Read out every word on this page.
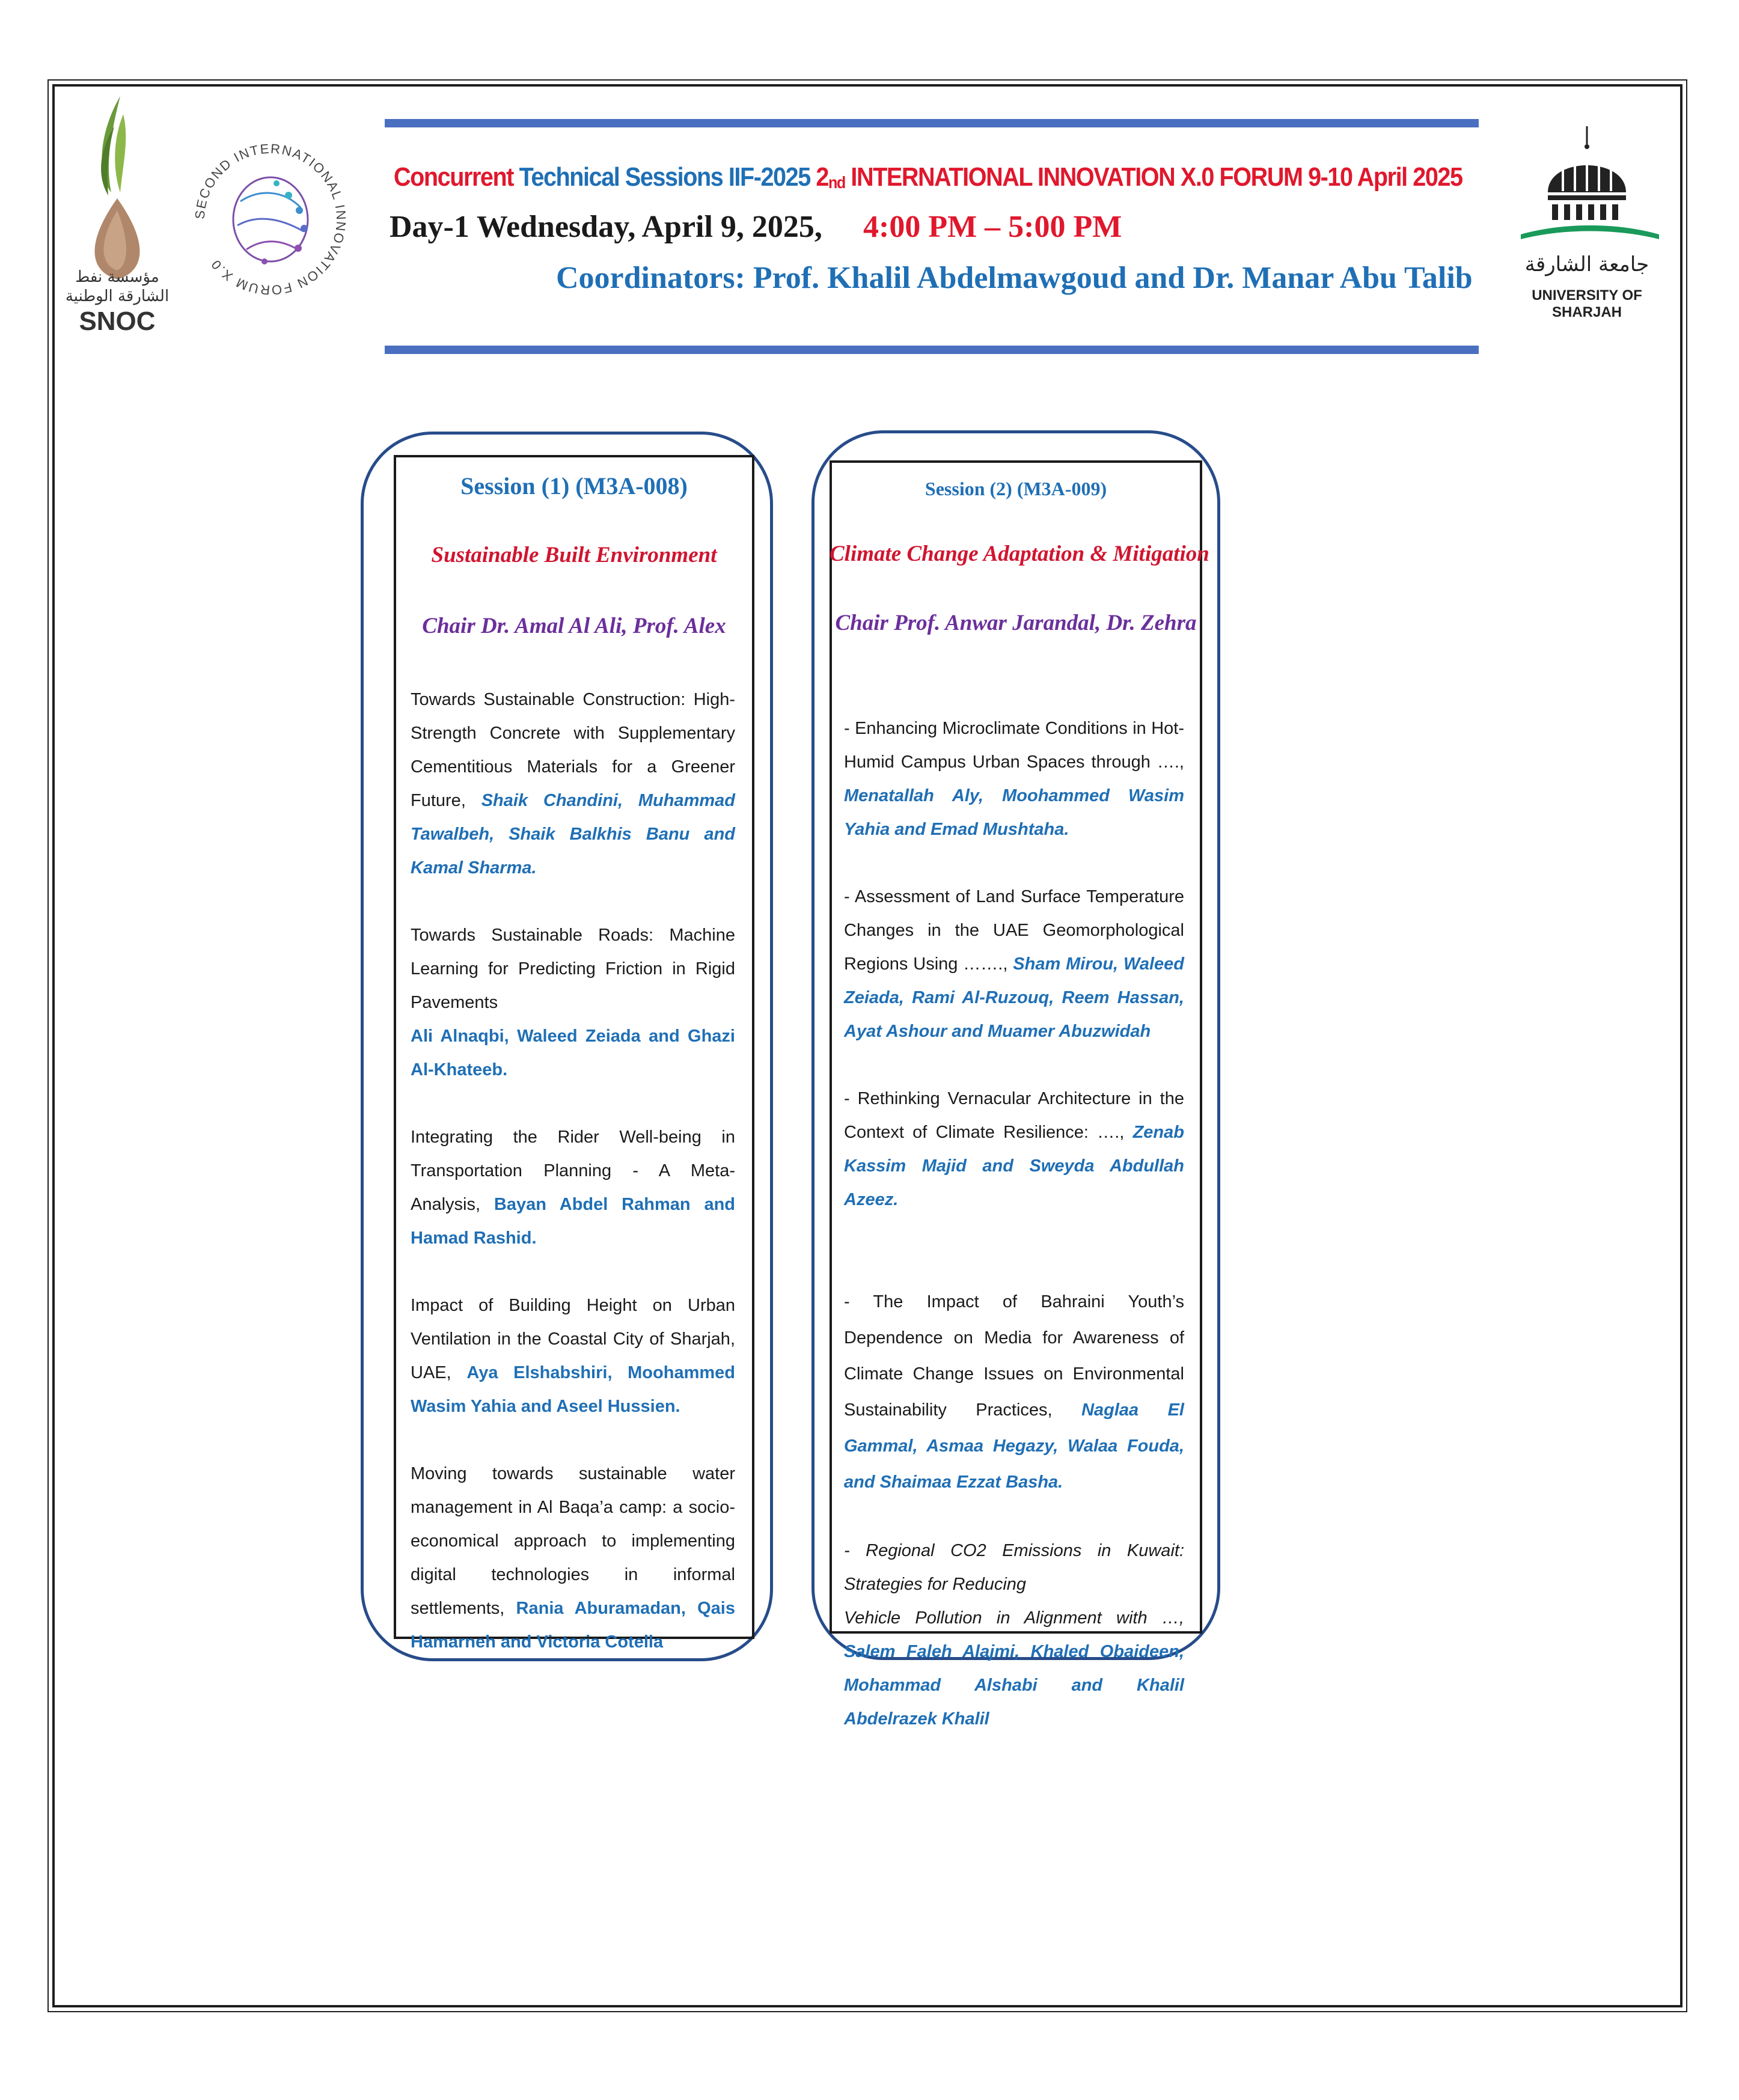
مؤسسة نفط
الشارقة الوطنية
SNOC
SECOND INTERNATIONAL INNOVATION FORUM X.0	جامعة الشارقة
UNIVERSITY OF SHARJAH
Concurrent Technical Sessions IIF-2025 2nd INTERNATIONAL INNOVATION X.0 FORUM 9-10 April 2025
Day-1 Wednesday, April 9, 2025, 4:00 PM – 5:00 PM
Coordinators: Prof. Khalil Abdelmawgoud and Dr. Manar Abu Talib
Session (1) (M3A-008)
Sustainable Built Environment
Chair Dr. Amal Al Ali, Prof. Alex
Towards Sustainable Construction: High-Strength Concrete with Supplementary Cementitious Materials for a Greener Future, Shaik Chandini, Muhammad Tawalbeh, Shaik Balkhis Banu and Kamal Sharma.
Towards Sustainable Roads: Machine Learning for Predicting Friction in Rigid Pavements
Ali Alnaqbi, Waleed Zeiada and Ghazi Al-Khateeb.
Integrating the Rider Well-being in Transportation Planning - A Meta-Analysis, Bayan Abdel Rahman and Hamad Rashid.
Impact of Building Height on Urban Ventilation in the Coastal City of Sharjah, UAE, Aya Elshabshiri, Moohammed Wasim Yahia and Aseel Hussien.
Moving towards sustainable water management in Al Baqa’a camp: a socio-economical approach to implementing digital technologies in informal settlements, Rania Aburamadan, Qais Hamarneh and Victoria Cotella
Session (2) (M3A-009)
Climate Change Adaptation & Mitigation
Chair Prof. Anwar Jarandal, Dr. Zehra
- Enhancing Microclimate Conditions in Hot-Humid Campus Urban Spaces through …., Menatallah Aly, Moohammed Wasim Yahia and Emad Mushtaha.
- Assessment of Land Surface Temperature Changes in the UAE Geomorphological Regions Using ……., Sham Mirou, Waleed Zeiada, Rami Al-Ruzouq, Reem Hassan, Ayat Ashour and Muamer Abuzwidah
- Rethinking Vernacular Architecture in the Context of Climate Resilience: …., Zenab Kassim Majid and Sweyda Abdullah Azeez.
- The Impact of Bahraini Youth’s Dependence on Media for Awareness of Climate Change Issues on Environmental Sustainability Practices, Naglaa El Gammal, Asmaa Hegazy, Walaa Fouda, and Shaimaa Ezzat Basha.
- Regional CO2 Emissions in Kuwait: Strategies for Reducing
Vehicle Pollution in Alignment with …, Salem Faleh Alajmi, Khaled Obaideen, Mohammad Alshabi and Khalil Abdelrazek Khalil
